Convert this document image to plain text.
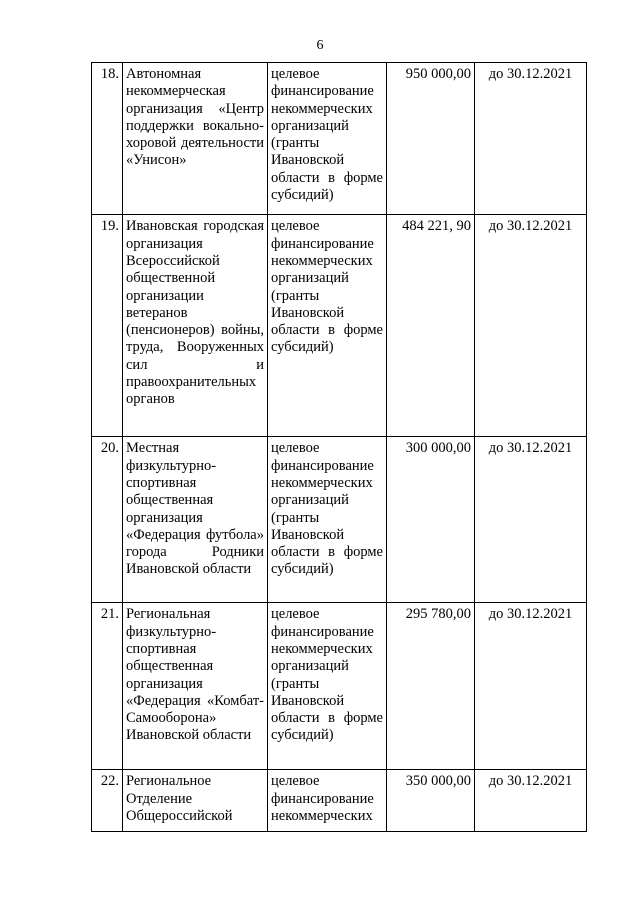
6
18.	Автономная некоммерческая организация «Центр поддержки вокально-хоровой деятельности «Унисон»	целевое финансирование некоммерческих организаций (гранты Ивановской области в форме субсидий)	950 000,00	до 30.12.2021
19.	Ивановская городская организация Всероссийской общественной организации ветеранов (пенсионеров) войны, труда, Вооруженных сил и правоохранительных органов	целевое финансирование некоммерческих организаций (гранты Ивановской области в форме субсидий)	484 221, 90	до 30.12.2021
20.	Местная физкультурно-спортивная общественная организация «Федерация футбола» города Родники Ивановской области	целевое финансирование некоммерческих организаций (гранты Ивановской области в форме субсидий)	300 000,00	до 30.12.2021
21.	Региональная физкультурно-спортивная общественная организация «Федерация «Комбат-Самооборона» Ивановской области	целевое финансирование некоммерческих организаций (гранты Ивановской области в форме субсидий)	295 780,00	до 30.12.2021
22.	Региональное Отделение Общероссийской	целевое финансирование некоммерческих	350 000,00	до 30.12.2021
